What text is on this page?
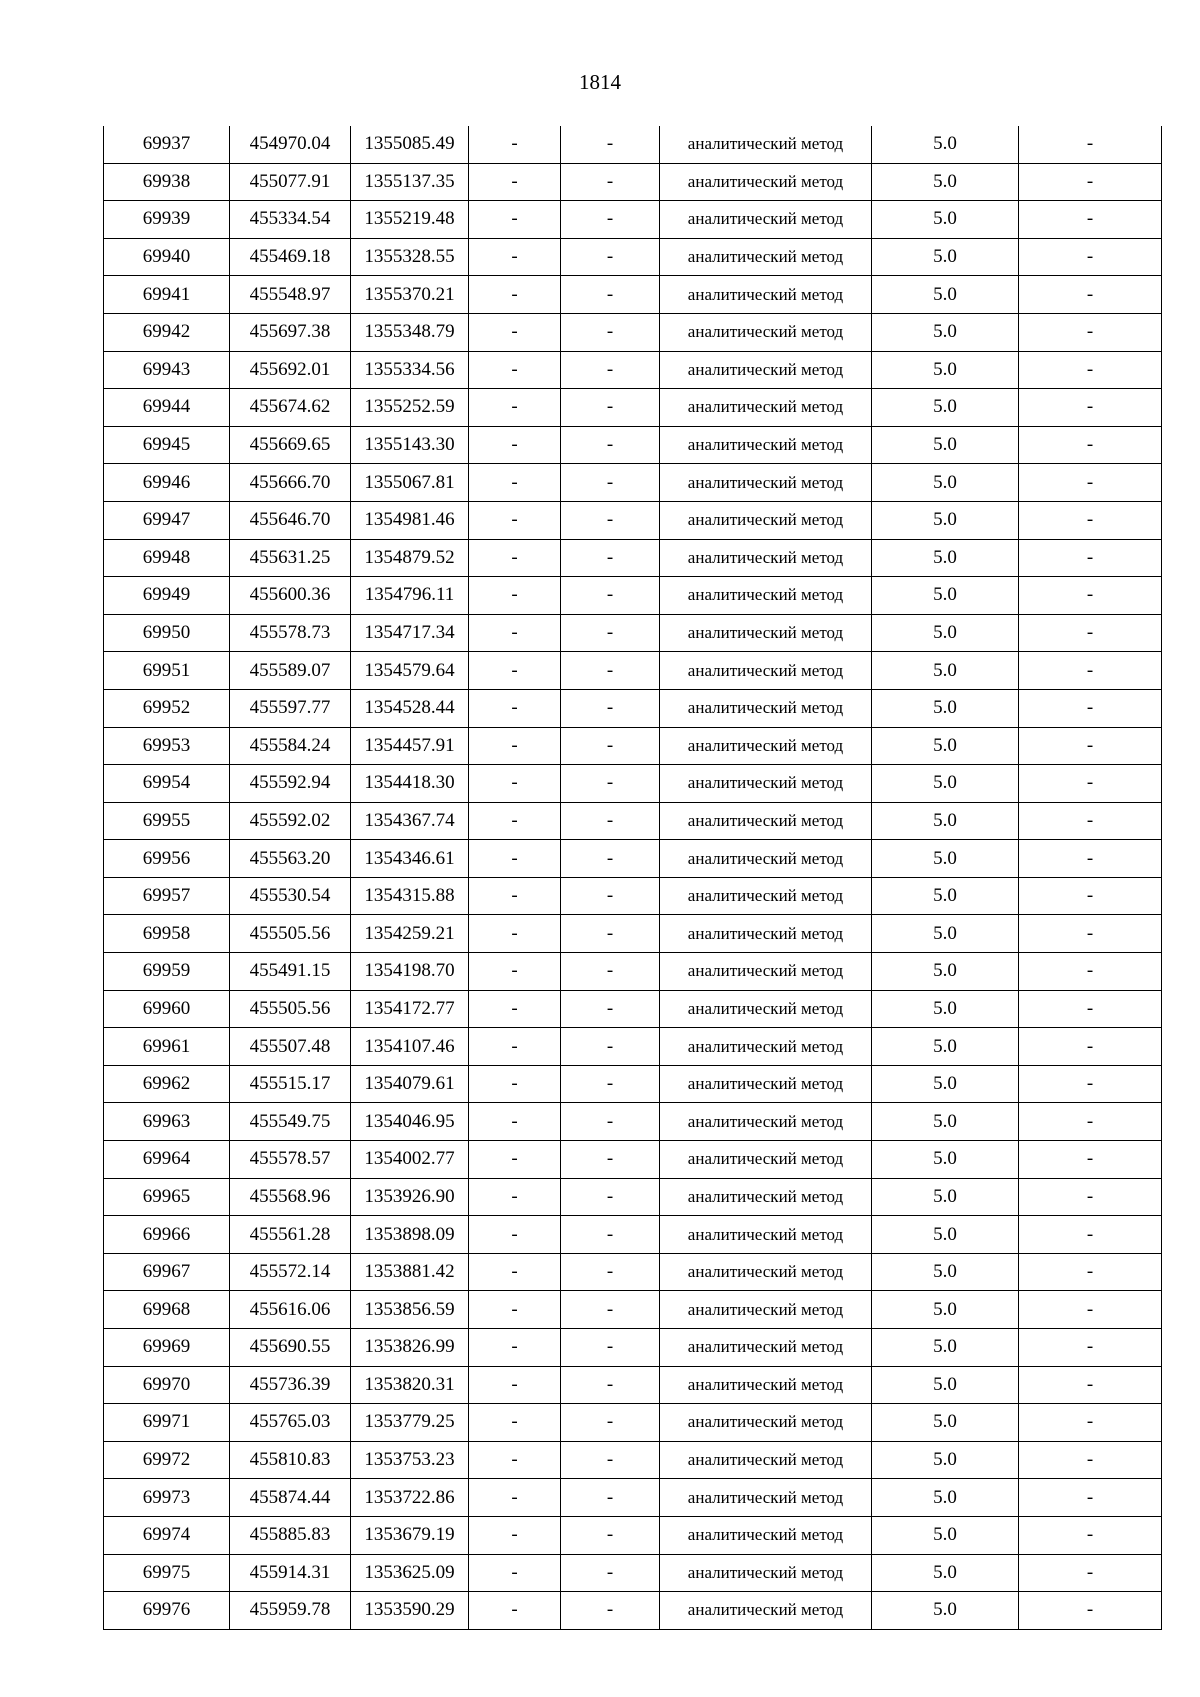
1814
69937	454970.04	1355085.49	-	-	аналитический метод	5.0	-
69938	455077.91	1355137.35	-	-	аналитический метод	5.0	-
69939	455334.54	1355219.48	-	-	аналитический метод	5.0	-
69940	455469.18	1355328.55	-	-	аналитический метод	5.0	-
69941	455548.97	1355370.21	-	-	аналитический метод	5.0	-
69942	455697.38	1355348.79	-	-	аналитический метод	5.0	-
69943	455692.01	1355334.56	-	-	аналитический метод	5.0	-
69944	455674.62	1355252.59	-	-	аналитический метод	5.0	-
69945	455669.65	1355143.30	-	-	аналитический метод	5.0	-
69946	455666.70	1355067.81	-	-	аналитический метод	5.0	-
69947	455646.70	1354981.46	-	-	аналитический метод	5.0	-
69948	455631.25	1354879.52	-	-	аналитический метод	5.0	-
69949	455600.36	1354796.11	-	-	аналитический метод	5.0	-
69950	455578.73	1354717.34	-	-	аналитический метод	5.0	-
69951	455589.07	1354579.64	-	-	аналитический метод	5.0	-
69952	455597.77	1354528.44	-	-	аналитический метод	5.0	-
69953	455584.24	1354457.91	-	-	аналитический метод	5.0	-
69954	455592.94	1354418.30	-	-	аналитический метод	5.0	-
69955	455592.02	1354367.74	-	-	аналитический метод	5.0	-
69956	455563.20	1354346.61	-	-	аналитический метод	5.0	-
69957	455530.54	1354315.88	-	-	аналитический метод	5.0	-
69958	455505.56	1354259.21	-	-	аналитический метод	5.0	-
69959	455491.15	1354198.70	-	-	аналитический метод	5.0	-
69960	455505.56	1354172.77	-	-	аналитический метод	5.0	-
69961	455507.48	1354107.46	-	-	аналитический метод	5.0	-
69962	455515.17	1354079.61	-	-	аналитический метод	5.0	-
69963	455549.75	1354046.95	-	-	аналитический метод	5.0	-
69964	455578.57	1354002.77	-	-	аналитический метод	5.0	-
69965	455568.96	1353926.90	-	-	аналитический метод	5.0	-
69966	455561.28	1353898.09	-	-	аналитический метод	5.0	-
69967	455572.14	1353881.42	-	-	аналитический метод	5.0	-
69968	455616.06	1353856.59	-	-	аналитический метод	5.0	-
69969	455690.55	1353826.99	-	-	аналитический метод	5.0	-
69970	455736.39	1353820.31	-	-	аналитический метод	5.0	-
69971	455765.03	1353779.25	-	-	аналитический метод	5.0	-
69972	455810.83	1353753.23	-	-	аналитический метод	5.0	-
69973	455874.44	1353722.86	-	-	аналитический метод	5.0	-
69974	455885.83	1353679.19	-	-	аналитический метод	5.0	-
69975	455914.31	1353625.09	-	-	аналитический метод	5.0	-
69976	455959.78	1353590.29	-	-	аналитический метод	5.0	-
